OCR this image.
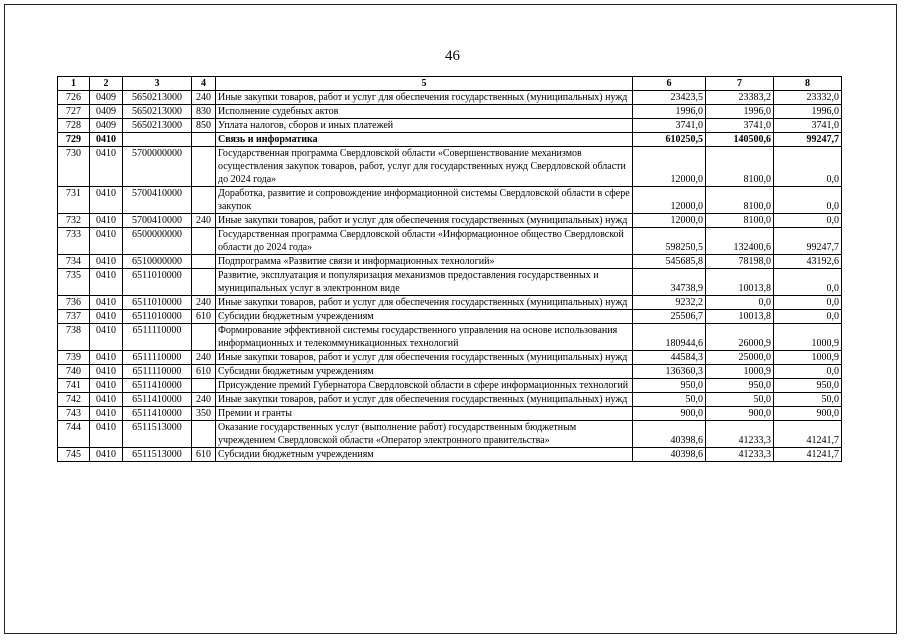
46
1	2	3	4	5	6	7	8
726	0409	5650213000	240	Иные закупки товаров, работ и услуг для обеспечения государственных (муниципальных) нужд	23423,5	23383,2	23332,0
727	0409	5650213000	830	Исполнение судебных актов	1996,0	1996,0	1996,0
728	0409	5650213000	850	Уплата налогов, сборов и иных платежей	3741,0	3741,0	3741,0
729	0410			Связь и информатика	610250,5	140500,6	99247,7
730	0410	5700000000		Государственная программа Свердловской области «Совершенствование механизмов осуществления закупок товаров, работ, услуг для государственных нужд Свердловской области до 2024 года»	12000,0	8100,0	0,0
731	0410	5700410000		Доработка, развитие и сопровождение информационной системы Свердловской области в сфере закупок	12000,0	8100,0	0,0
732	0410	5700410000	240	Иные закупки товаров, работ и услуг для обеспечения государственных (муниципальных) нужд	12000,0	8100,0	0,0
733	0410	6500000000		Государственная программа Свердловской области «Информационное общество Свердловской области до 2024 года»	598250,5	132400,6	99247,7
734	0410	6510000000		Подпрограмма «Развитие связи и информационных технологий»	545685,8	78198,0	43192,6
735	0410	6511010000		Развитие, эксплуатация и популяризация механизмов предоставления государственных и муниципальных услуг в электронном виде	34738,9	10013,8	0,0
736	0410	6511010000	240	Иные закупки товаров, работ и услуг для обеспечения государственных (муниципальных) нужд	9232,2	0,0	0,0
737	0410	6511010000	610	Субсидии бюджетным учреждениям	25506,7	10013,8	0,0
738	0410	6511110000		Формирование эффективной системы государственного управления на основе использования информационных и телекоммуникационных технологий	180944,6	26000,9	1000,9
739	0410	6511110000	240	Иные закупки товаров, работ и услуг для обеспечения государственных (муниципальных) нужд	44584,3	25000,0	1000,9
740	0410	6511110000	610	Субсидии бюджетным учреждениям	136360,3	1000,9	0,0
741	0410	6511410000		Присуждение премий Губернатора Свердловской области в сфере информационных технологий	950,0	950,0	950,0
742	0410	6511410000	240	Иные закупки товаров, работ и услуг для обеспечения государственных (муниципальных) нужд	50,0	50,0	50,0
743	0410	6511410000	350	Премии и гранты	900,0	900,0	900,0
744	0410	6511513000		Оказание государственных услуг (выполнение работ) государственным бюджетным учреждением Свердловской области «Оператор электронного правительства»	40398,6	41233,3	41241,7
745	0410	6511513000	610	Субсидии бюджетным учреждениям	40398,6	41233,3	41241,7
